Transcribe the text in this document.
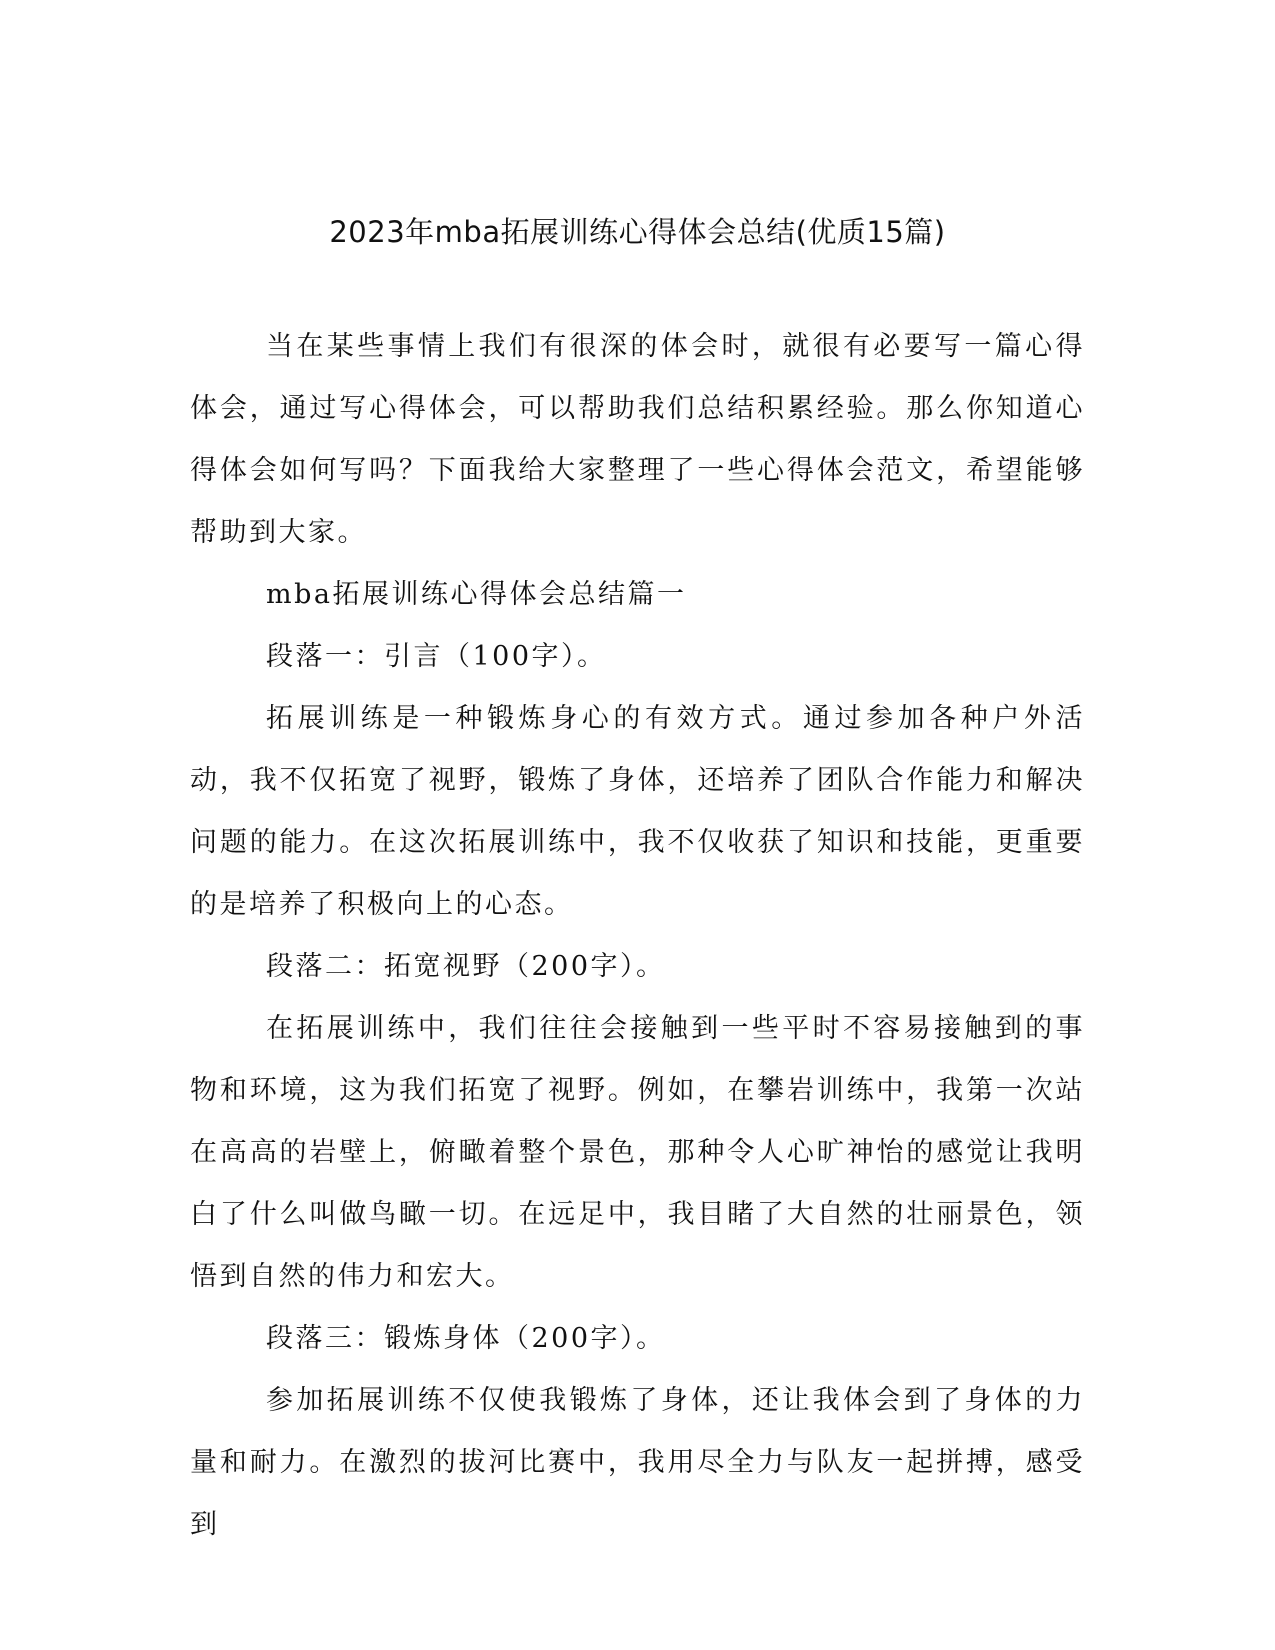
2023年mba拓展训练心得体会总结(优质15篇)

当在某些事情上我们有很深的体会时，就很有必要写一篇心得体会，通过写心得体会，可以帮助我们总结积累经验。那么你知道心得体会如何写吗？下面我给大家整理了一些心得体会范文，希望能够帮助到大家。

mba拓展训练心得体会总结篇一

段落一：引言（100字）。

拓展训练是一种锻炼身心的有效方式。通过参加各种户外活动，我不仅拓宽了视野，锻炼了身体，还培养了团队合作能力和解决问题的能力。在这次拓展训练中，我不仅收获了知识和技能，更重要的是培养了积极向上的心态。

段落二：拓宽视野（200字）。

在拓展训练中，我们往往会接触到一些平时不容易接触到的事物和环境，这为我们拓宽了视野。例如，在攀岩训练中，我第一次站在高高的岩壁上，俯瞰着整个景色，那种令人心旷神怡的感觉让我明白了什么叫做鸟瞰一切。在远足中，我目睹了大自然的壮丽景色，领悟到自然的伟力和宏大。

段落三：锻炼身体（200字）。

参加拓展训练不仅使我锻炼了身体，还让我体会到了身体的力量和耐力。在激烈的拔河比赛中，我用尽全力与队友一起拼搏，感受到
